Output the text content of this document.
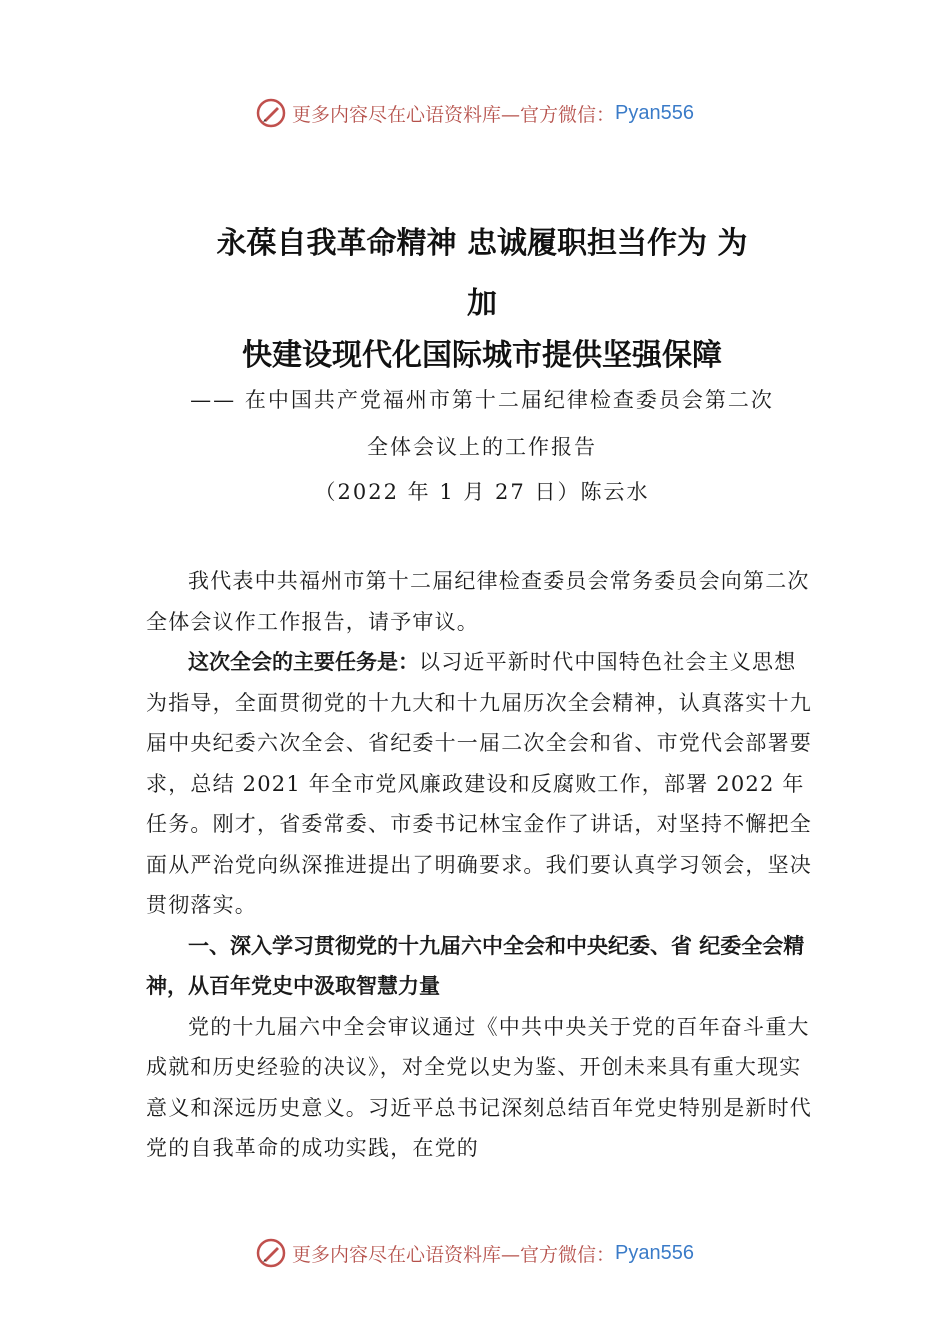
更多内容尽在心语资料库—官方微信： Pyan556
永葆自我革命精神 忠诚履职担当作为 为
加
快建设现代化国际城市提供坚强保障
—— 在中国共产党福州市第十二届纪律检查委员会第二次
全体会议上的工作报告
（2022 年 1 月 27 日）陈云水

我代表中共福州市第十二届纪律检查委员会常务委员会向第二次全体会议作工作报告，请予审议。

这次全会的主要任务是：以习近平新时代中国特色社会主义思想为指导，全面贯彻党的十九大和十九届历次全会精神，认真落实十九届中央纪委六次全会、省纪委十一届二次全会和省、市党代会部署要求，总结 2021 年全市党风廉政建设和反腐败工作，部署 2022 年任务。刚才，省委常委、市委书记林宝金作了讲话，对坚持不懈把全面从严治党向纵深推进提出了明确要求。我们要认真学习领会，坚决贯彻落实。

一、深入学习贯彻党的十九届六中全会和中央纪委、省 纪委全会精神，从百年党史中汲取智慧力量

党的十九届六中全会审议通过《中共中央关于党的百年奋斗重大成就和历史经验的决议》，对全党以史为鉴、开创未来具有重大现实意义和深远历史意义。习近平总书记深刻总结百年党史特别是新时代党的自我革命的成功实践，在党的

更多内容尽在心语资料库—官方微信： Pyan556
